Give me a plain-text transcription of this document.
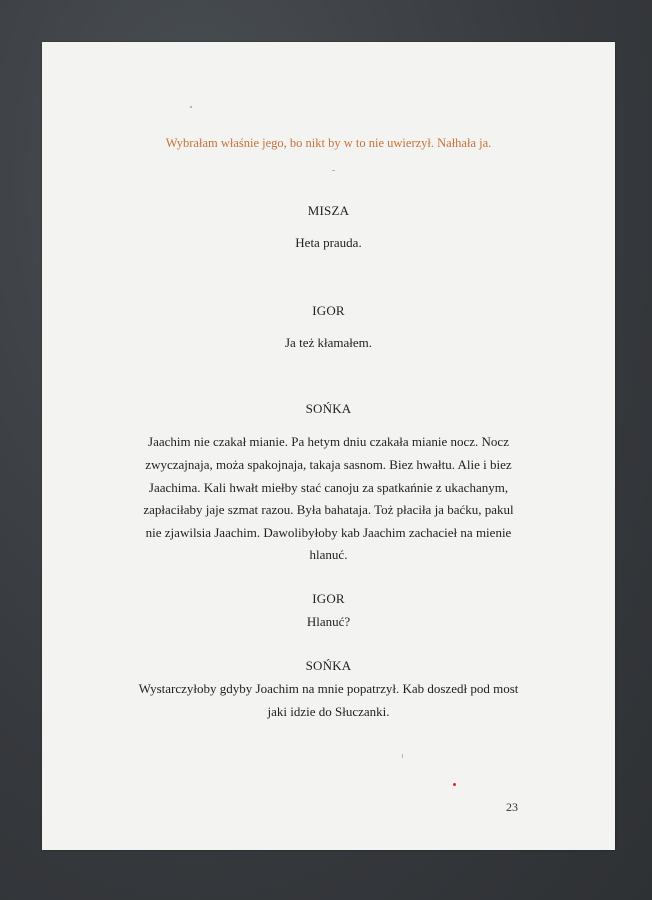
Wybrałam właśnie jego, bo nikt by w to nie uwierzył. Nałhała ja.
MISZA
Heta prauda.
IGOR
Ja też kłamałem.
SOŃKA
Jaachim nie czakał mianie. Pa hetym dniu czakała mianie nocz. Nocz
zwyczajnaja, moża spakojnaja, takaja sasnom. Biez hwałtu. Alie i biez
Jaachima. Kali hwałt miełby stać canoju za spatkańnie z ukachanym,
zapłaciłaby jaje szmat razou. Była bahataja. Toż płaciła ja baćku, pakul
nie zjawilsia Jaachim. Dawolibyłoby kab Jaachim zachacieł na mienie
hlanuć.
IGOR
Hlanuć?
SOŃKA
Wystarczyłoby gdyby Joachim na mnie popatrzył. Kab doszedł pod most
jaki idzie do Słuczanki.
23
